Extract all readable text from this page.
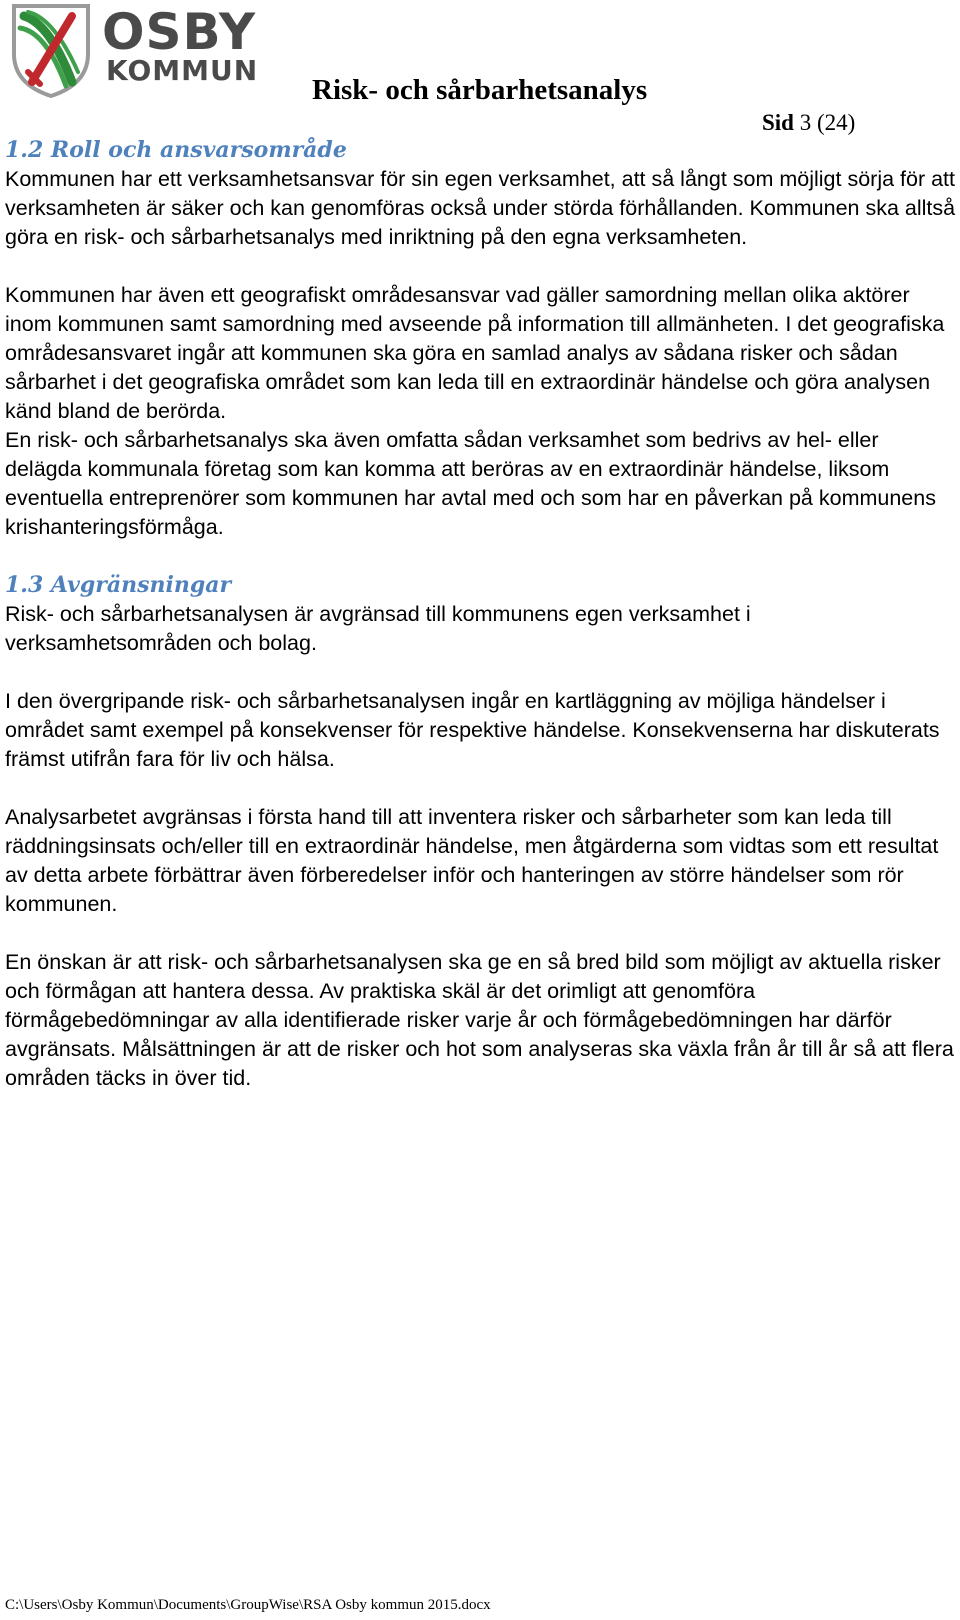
OSBY
KOMMUN
Risk- och sårbarhetsanalys
Sid 3 (24)
1.2 Roll och ansvarsområde

Kommunen har ett verksamhetsansvar för sin egen verksamhet, att så långt som möjligt sörja för att verksamheten är säker och kan genomföras också under störda förhållanden. Kommunen ska alltså göra en risk- och sårbarhetsanalys med inriktning på den egna verksamheten.

Kommunen har även ett geografiskt områdesansvar vad gäller samordning mellan olika aktörer inom kommunen samt samordning med avseende på information till allmänheten. I det geografiska områdesansvaret ingår att kommunen ska göra en samlad analys av sådana risker och sådan sårbarhet i det geografiska området som kan leda till en extraordinär händelse och göra analysen känd bland de berörda.

En risk- och sårbarhetsanalys ska även omfatta sådan verksamhet som bedrivs av hel- eller delägda kommunala företag som kan komma att beröras av en extraordinär händelse, liksom eventuella entreprenörer som kommunen har avtal med och som har en påverkan på kommunens krishanteringsförmåga.

1.3 Avgränsningar

Risk- och sårbarhetsanalysen är avgränsad till kommunens egen verksamhet i verksamhetsområden och bolag.

I den övergripande risk- och sårbarhetsanalysen ingår en kartläggning av möjliga händelser i området samt exempel på konsekvenser för respektive händelse. Konsekvenserna har diskuterats främst utifrån fara för liv och hälsa.

Analysarbetet avgränsas i första hand till att inventera risker och sårbarheter som kan leda till räddningsinsats och/eller till en extraordinär händelse, men åtgärderna som vidtas som ett resultat av detta arbete förbättrar även förberedelser inför och hanteringen av större händelser som rör kommunen.

En önskan är att risk- och sårbarhetsanalysen ska ge en så bred bild som möjligt av aktuella risker och förmågan att hantera dessa. Av praktiska skäl är det orimligt att genomföra förmågebedömningar av alla identifierade risker varje år och förmågebedömningen har därför avgränsats. Målsättningen är att de risker och hot som analyseras ska växla från år till år så att flera områden täcks in över tid.

C:\Users\Osby Kommun\Documents\GroupWise\RSA Osby kommun 2015.docx
